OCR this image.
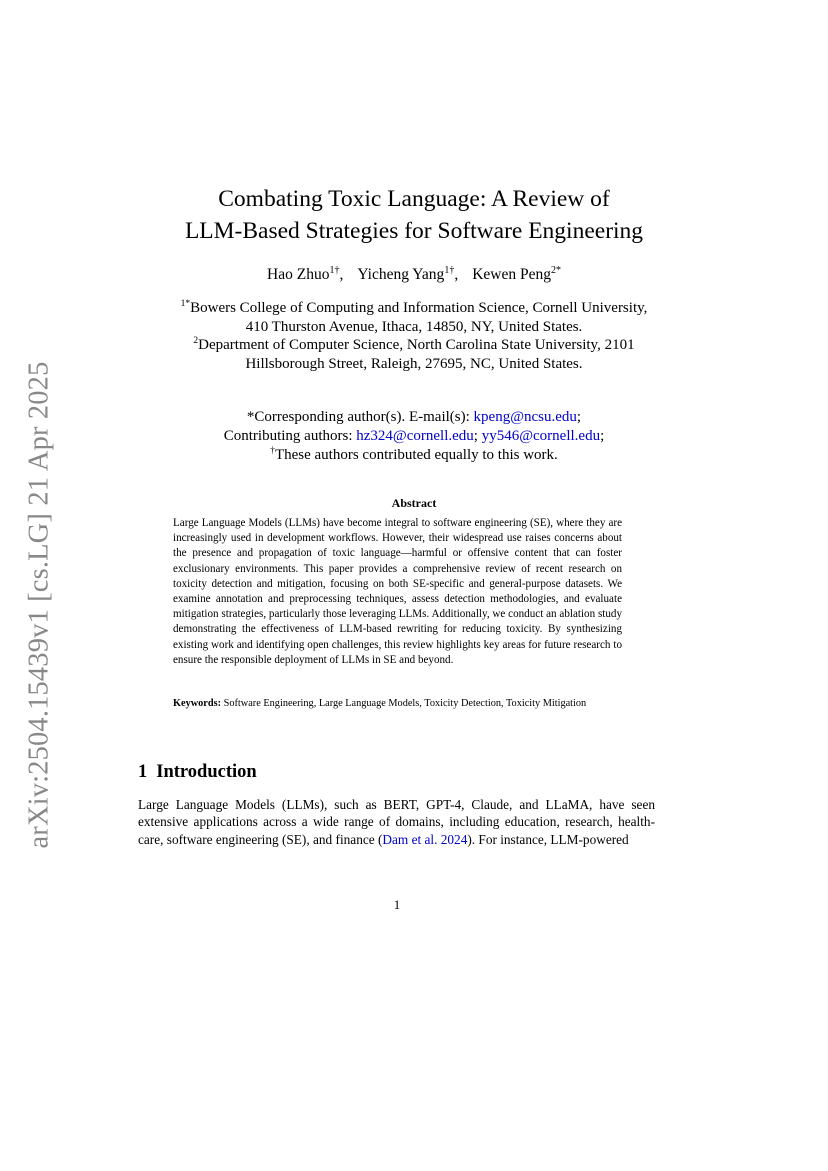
arXiv:2504.15439v1 [cs.LG] 21 Apr 2025
Combating Toxic Language: A Review of
LLM-Based Strategies for Software Engineering
Hao Zhuo$^{1\dagger}$, Yicheng Yang$^{1\dagger}$, Kewen Peng$^{2*}$
$^{1*}$Bowers College of Computing and Information Science, Cornell University,
410 Thurston Avenue, Ithaca, 14850, NY, United States.
$^2$Department of Computer Science, North Carolina State University, 2101
Hillsborough Street, Raleigh, 27695, NC, United States.
*Corresponding author(s). E-mail(s): kpeng@ncsu.edu;
Contributing authors: hz324@cornell.edu; yy546@cornell.edu;
†These authors contributed equally to this work.
Abstract

Large Language Models (LLMs) have become integral to software engineering (SE), where they are increasingly used in development workflows. However, their widespread use raises concerns about the presence and propagation of toxic language—harmful or offensive content that can foster exclusionary environments. This paper provides a comprehensive review of recent research on toxicity detection and mitigation, focusing on both SE-specific and general-purpose datasets. We examine annotation and preprocessing techniques, assess detection methodologies, and evaluate mitigation strategies, particularly those leveraging LLMs. Additionally, we conduct an ablation study demonstrating the effectiveness of LLM-based rewriting for reducing toxicity. By synthesizing existing work and identifying open challenges, this review highlights key areas for future research to ensure the responsible deployment of LLMs in SE and beyond.

Keywords: Software Engineering, Large Language Models, Toxicity Detection, Toxicity Mitigation

1 Introduction

Large Language Models (LLMs), such as BERT, GPT-4, Claude, and LLaMA, have seen extensive applications across a wide range of domains, including education, research, health-care, software engineering (SE), and finance (Dam et al. 2024). For instance, LLM-powered

1
